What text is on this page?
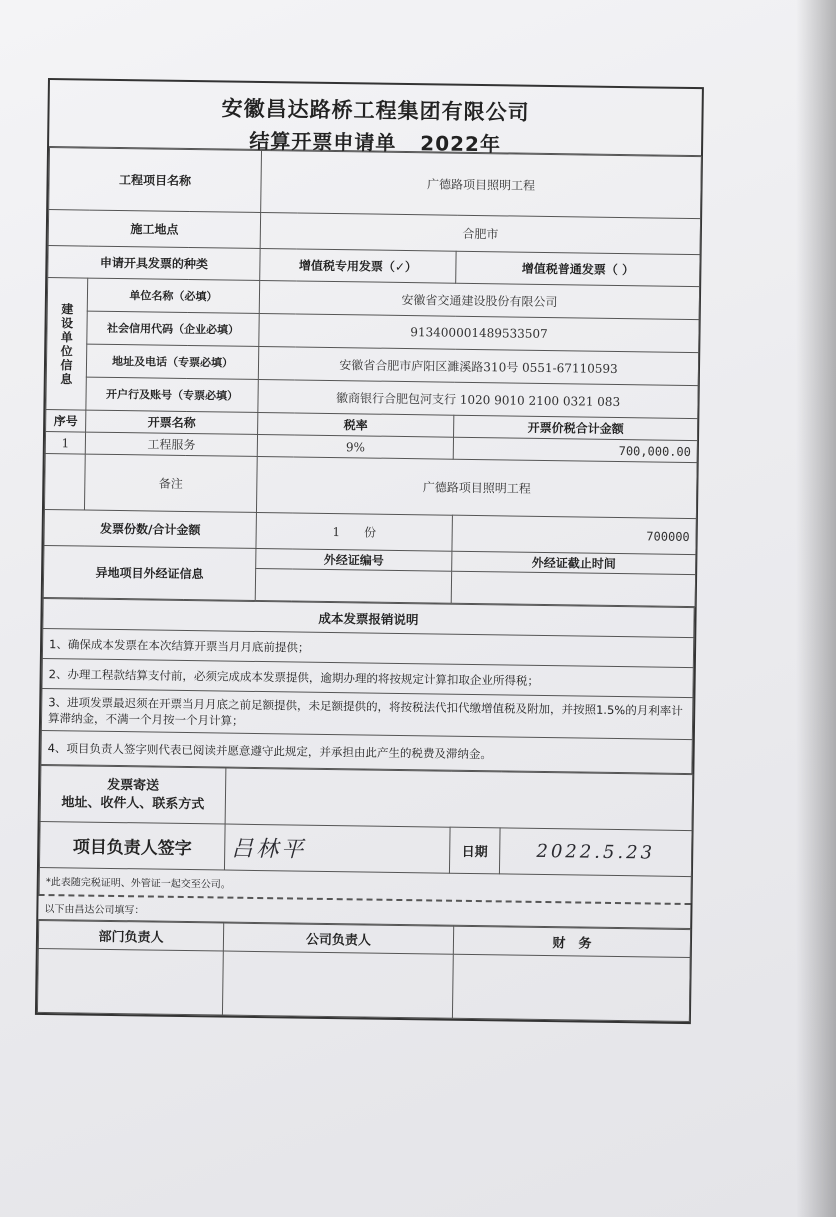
安徽昌达路桥工程集团有限公司
结算开票申请单 2022年
工程项目名称		广德路项目照明工程	
施工地点		合肥市	
申请开具发票的种类		增值税专用发票（✓）	增值税普通发票（ ）

建设单位信息	单位名称（必填）	安徽省交通建设股份有限公司	
	社会信用代码（企业必填）	913400001489533507	
	地址及电话（专票必填）	安徽省合肥市庐阳区濉溪路310号 0551-67110593	
	开户行及账号（专票必填）	徽商银行合肥包河支行 1020 9010 2100 0321 083	
序号	开票名称	税率	开票价税合计金额
1	工程服务	9%	700,000.00
	备注	广德路项目照明工程	
发票份数/合计金额		1　　 份	700000
异地项目外经证信息		外经证编号	外经证截止时间

成本发票报销说明
1、确保成本发票在本次结算开票当月月底前提供；
2、办理工程款结算支付前，必须完成成本发票提供，逾期办理的将按规定计算扣取企业所得税；
3、进项发票最迟须在开票当月月底之前足额提供，未足额提供的，将按税法代扣代缴增值税及附加，并按照1.5%的月利率计算滞纳金，不满一个月按一个月计算；
4、项目负责人签字则代表已阅读并愿意遵守此规定，并承担由此产生的税费及滞纳金。
发票寄送
地址、收件人、联系方式			

项目负责人签字	吕林平	日期	2022.5.23
*此表随完税证明、外管证一起交至公司。			
以下由昌达公司填写：
部门负责人	公司负责人	财　务
